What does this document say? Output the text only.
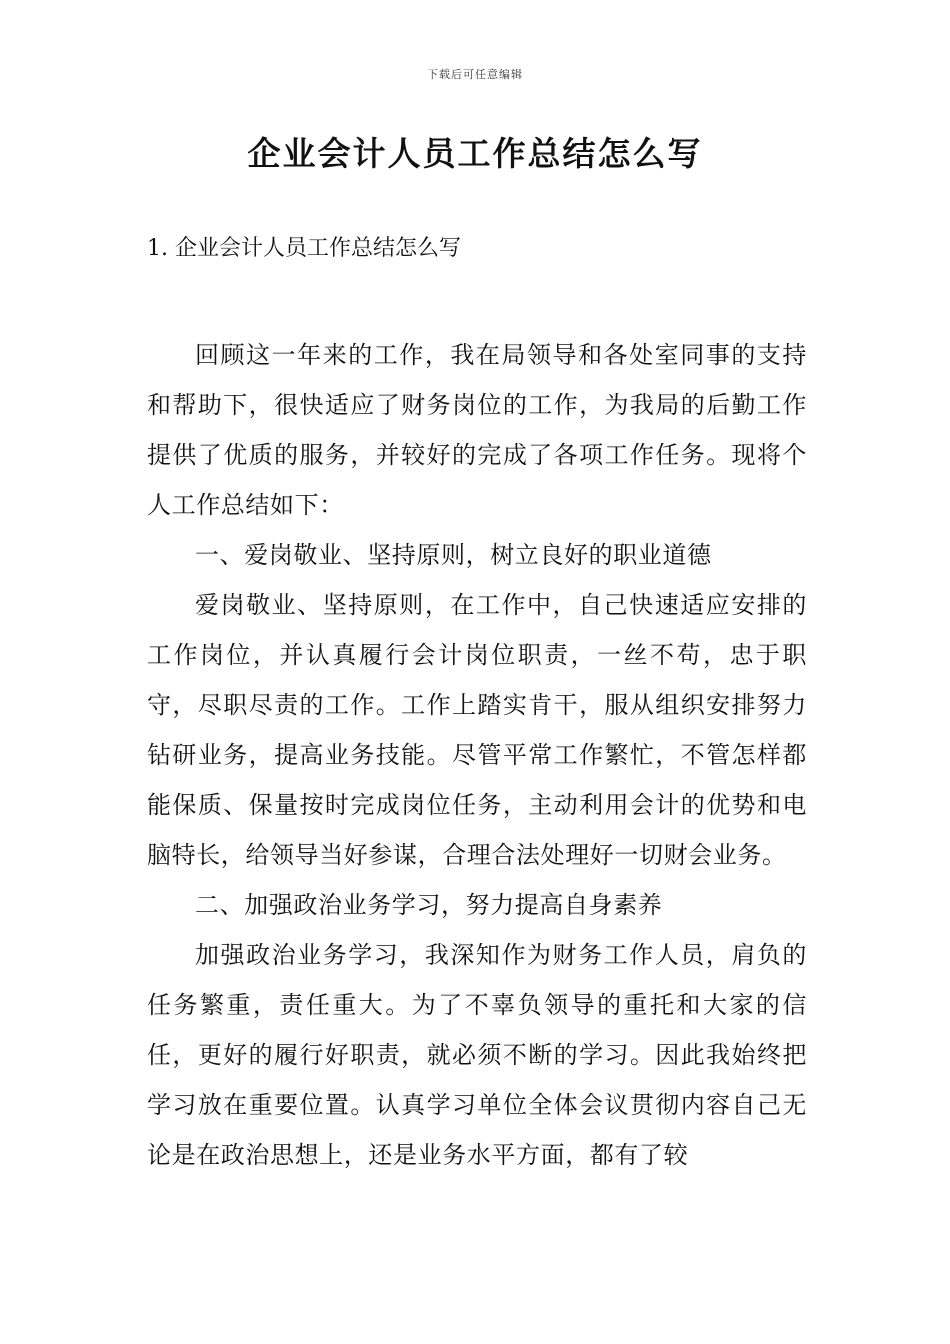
下载后可任意编辑
企业会计人员工作总结怎么写
1. 企业会计人员工作总结怎么写

回顾这一年来的工作，我在局领导和各处室同事的支持和帮助下，很快适应了财务岗位的工作，为我局的后勤工作提供了优质的服务，并较好的完成了各项工作任务。现将个人工作总结如下：

一、爱岗敬业、坚持原则，树立良好的职业道德

爱岗敬业、坚持原则，在工作中，自己快速适应安排的工作岗位，并认真履行会计岗位职责，一丝不苟，忠于职守，尽职尽责的工作。工作上踏实肯干，服从组织安排努力钻研业务，提高业务技能。尽管平常工作繁忙，不管怎样都能保质、保量按时完成岗位任务，主动利用会计的优势和电脑特长，给领导当好参谋，合理合法处理好一切财会业务。

二、加强政治业务学习，努力提高自身素养

加强政治业务学习，我深知作为财务工作人员，肩负的任务繁重，责任重大。为了不辜负领导的重托和大家的信任，更好的履行好职责，就必须不断的学习。因此我始终把学习放在重要位置。认真学习单位全体会议贯彻内容自己无论是在政治思想上，还是业务水平方面，都有了较
